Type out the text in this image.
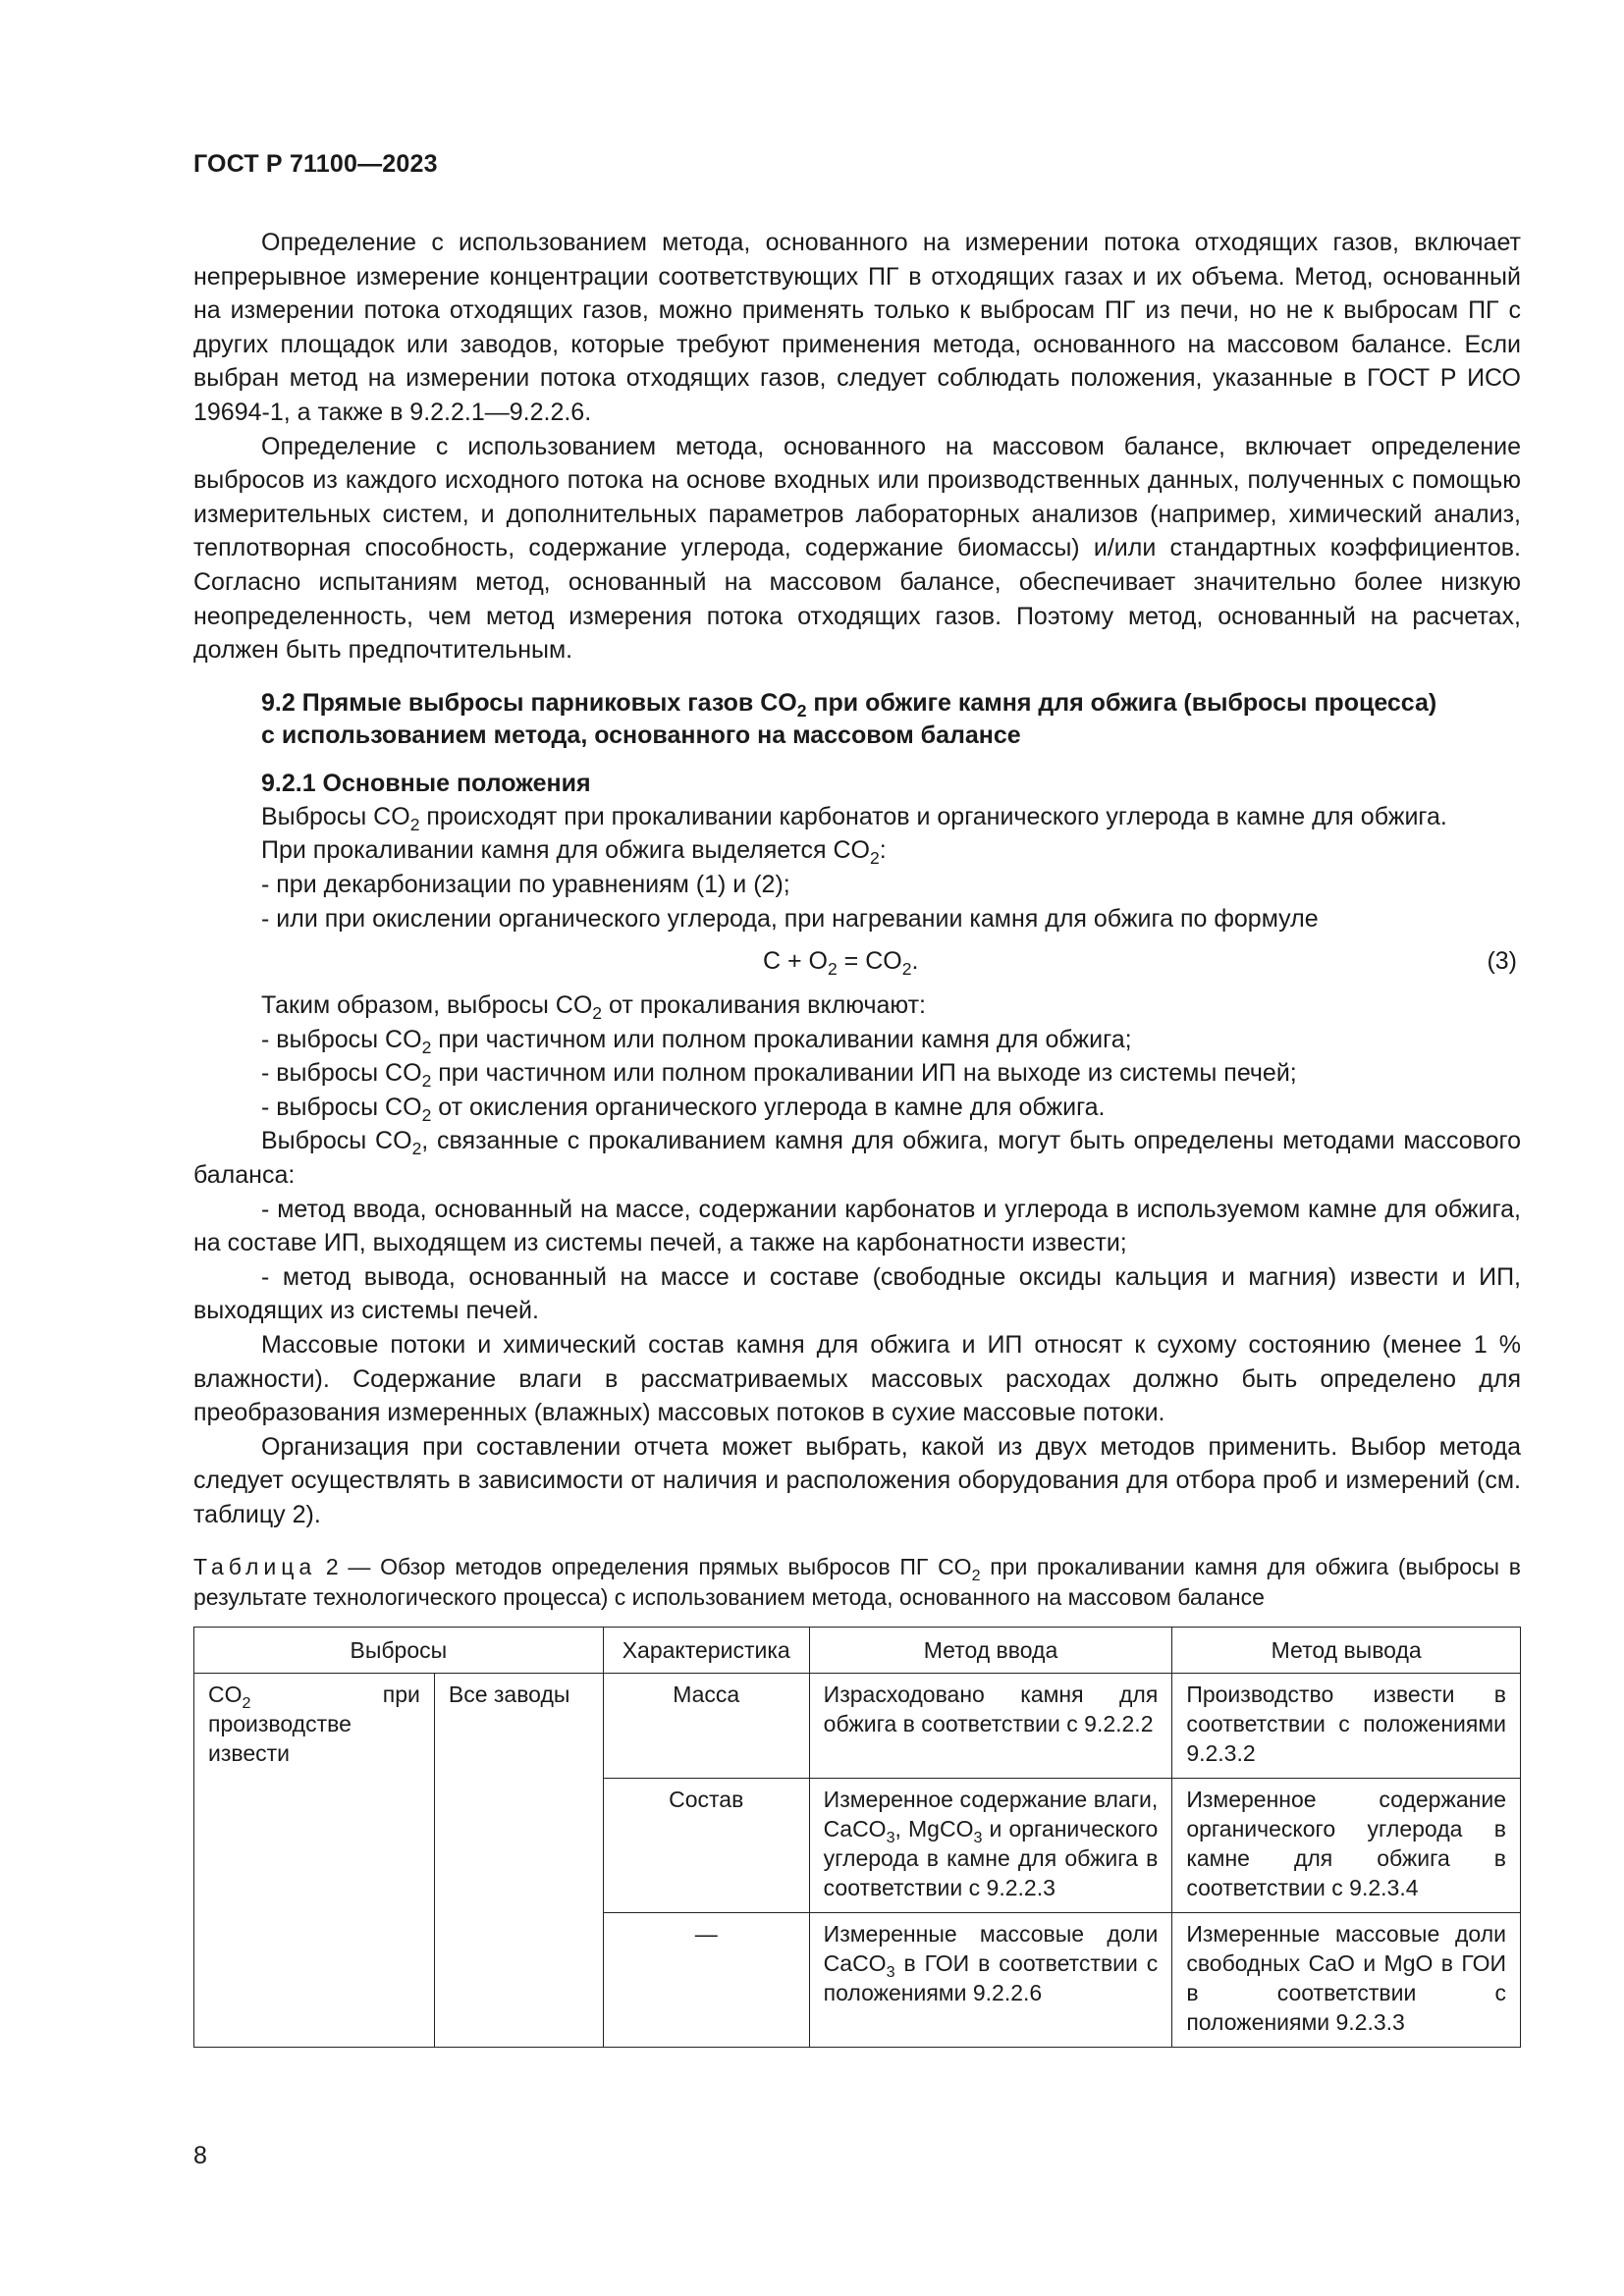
ГОСТ Р 71100—2023

Определение с использованием метода, основанного на измерении потока отходящих газов, включает непрерывное измерение концентрации соответствующих ПГ в отходящих газах и их объема. Метод, основанный на измерении потока отходящих газов, можно применять только к выбросам ПГ из печи, но не к выбросам ПГ с других площадок или заводов, которые требуют применения метода, основанного на массовом балансе. Если выбран метод на измерении потока отходящих газов, следует соблюдать положения, указанные в ГОСТ Р ИСО 19694-1, а также в 9.2.2.1—9.2.2.6.

Определение с использованием метода, основанного на массовом балансе, включает определение выбросов из каждого исходного потока на основе входных или производственных данных, полученных с помощью измерительных систем, и дополнительных параметров лабораторных анализов (например, химический анализ, теплотворная способность, содержание углерода, содержание биомассы) и/или стандартных коэффициентов. Согласно испытаниям метод, основанный на массовом балансе, обеспечивает значительно более низкую неопределенность, чем метод измерения потока отходящих газов. Поэтому метод, основанный на расчетах, должен быть предпочтительным.

9.2 Прямые выбросы парниковых газов $CO_2$ при обжиге камня для обжига (выбросы процесса)
с использованием метода, основанного на массовом балансе
9.2.1 Основные положения

Выбросы $CO_2$ происходят при прокаливании карбонатов и органического углерода в камне для обжига.

При прокаливании камня для обжига выделяется $CO_2$:

- при декарбонизации по уравнениям (1) и (2);

- или при окислении органического углерода, при нагревании камня для обжига по формуле

$C + O_2 = CO_2$.	(3)

Таким образом, выбросы $CO_2$ от прокаливания включают:

- выбросы $CO_2$ при частичном или полном прокаливании камня для обжига;

- выбросы $CO_2$ при частичном или полном прокаливании ИП на выходе из системы печей;

- выбросы $CO_2$ от окисления органического углерода в камне для обжига.

Выбросы $CO_2$, связанные с прокаливанием камня для обжига, могут быть определены методами массового баланса:

- метод ввода, основанный на массе, содержании карбонатов и углерода в используемом камне для обжига, на составе ИП, выходящем из системы печей, а также на карбонатности извести;

- метод вывода, основанный на массе и составе (свободные оксиды кальция и магния) извести и ИП, выходящих из системы печей.

Массовые потоки и химический состав камня для обжига и ИП относят к сухому состоянию (менее 1 % влажности). Содержание влаги в рассматриваемых массовых расходах должно быть определено для преобразования измеренных (влажных) массовых потоков в сухие массовые потоки.

Организация при составлении отчета может выбрать, какой из двух методов применить. Выбор метода следует осуществлять в зависимости от наличия и расположения оборудования для отбора проб и измерений (см. таблицу 2).

Таблица 2 — Обзор методов определения прямых выбросов ПГ $CO_2$ при прокаливании камня для обжига (выбросы в результате технологического процесса) с использованием метода, основанного на массовом балансе
Выбросы		Характеристика	Метод ввода	Метод вывода
$CO_2$ при производстве извести	Все заводы	Масса	Израсходовано камня для обжига в соответствии с 9.2.2.2	Производство извести в соответствии с положениями 9.2.3.2
		Состав	Измеренное содержание влаги, CaCO$_3$, MgCO$_3$ и органического углерода в камне для обжига в соответствии с 9.2.2.3	Измеренное содержание органического углерода в камне для обжига в соответствии с 9.2.3.4
		—	Измеренные массовые доли CaCO$_3$ в ГОИ в соответствии с положениями 9.2.2.6	Измеренные массовые доли свободных CaO и MgO в ГОИ в соответствии с положениями 9.2.3.3
8
